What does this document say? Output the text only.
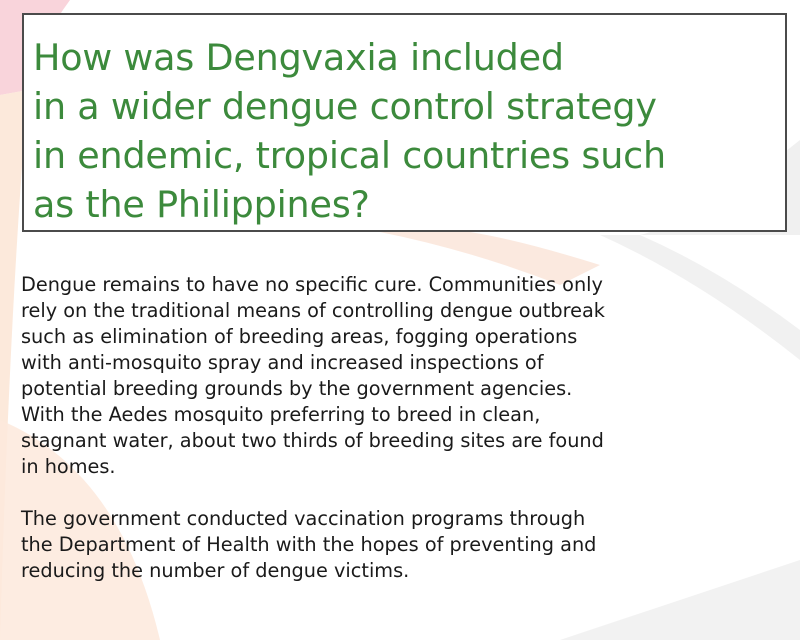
How was Dengvaxia included
in a wider dengue control strategy
in endemic, tropical countries such
as the Philippines?

Dengue remains to have no specific cure. Communities only
rely on the traditional means of controlling dengue outbreak
such as elimination of breeding areas, fogging operations
with anti-mosquito spray and increased inspections of
potential breeding grounds by the government agencies.
With the Aedes mosquito preferring to breed in clean,
stagnant water, about two thirds of breeding sites are found
in homes.

The government conducted vaccination programs through
the Department of Health with the hopes of preventing and
reducing the number of dengue victims.
